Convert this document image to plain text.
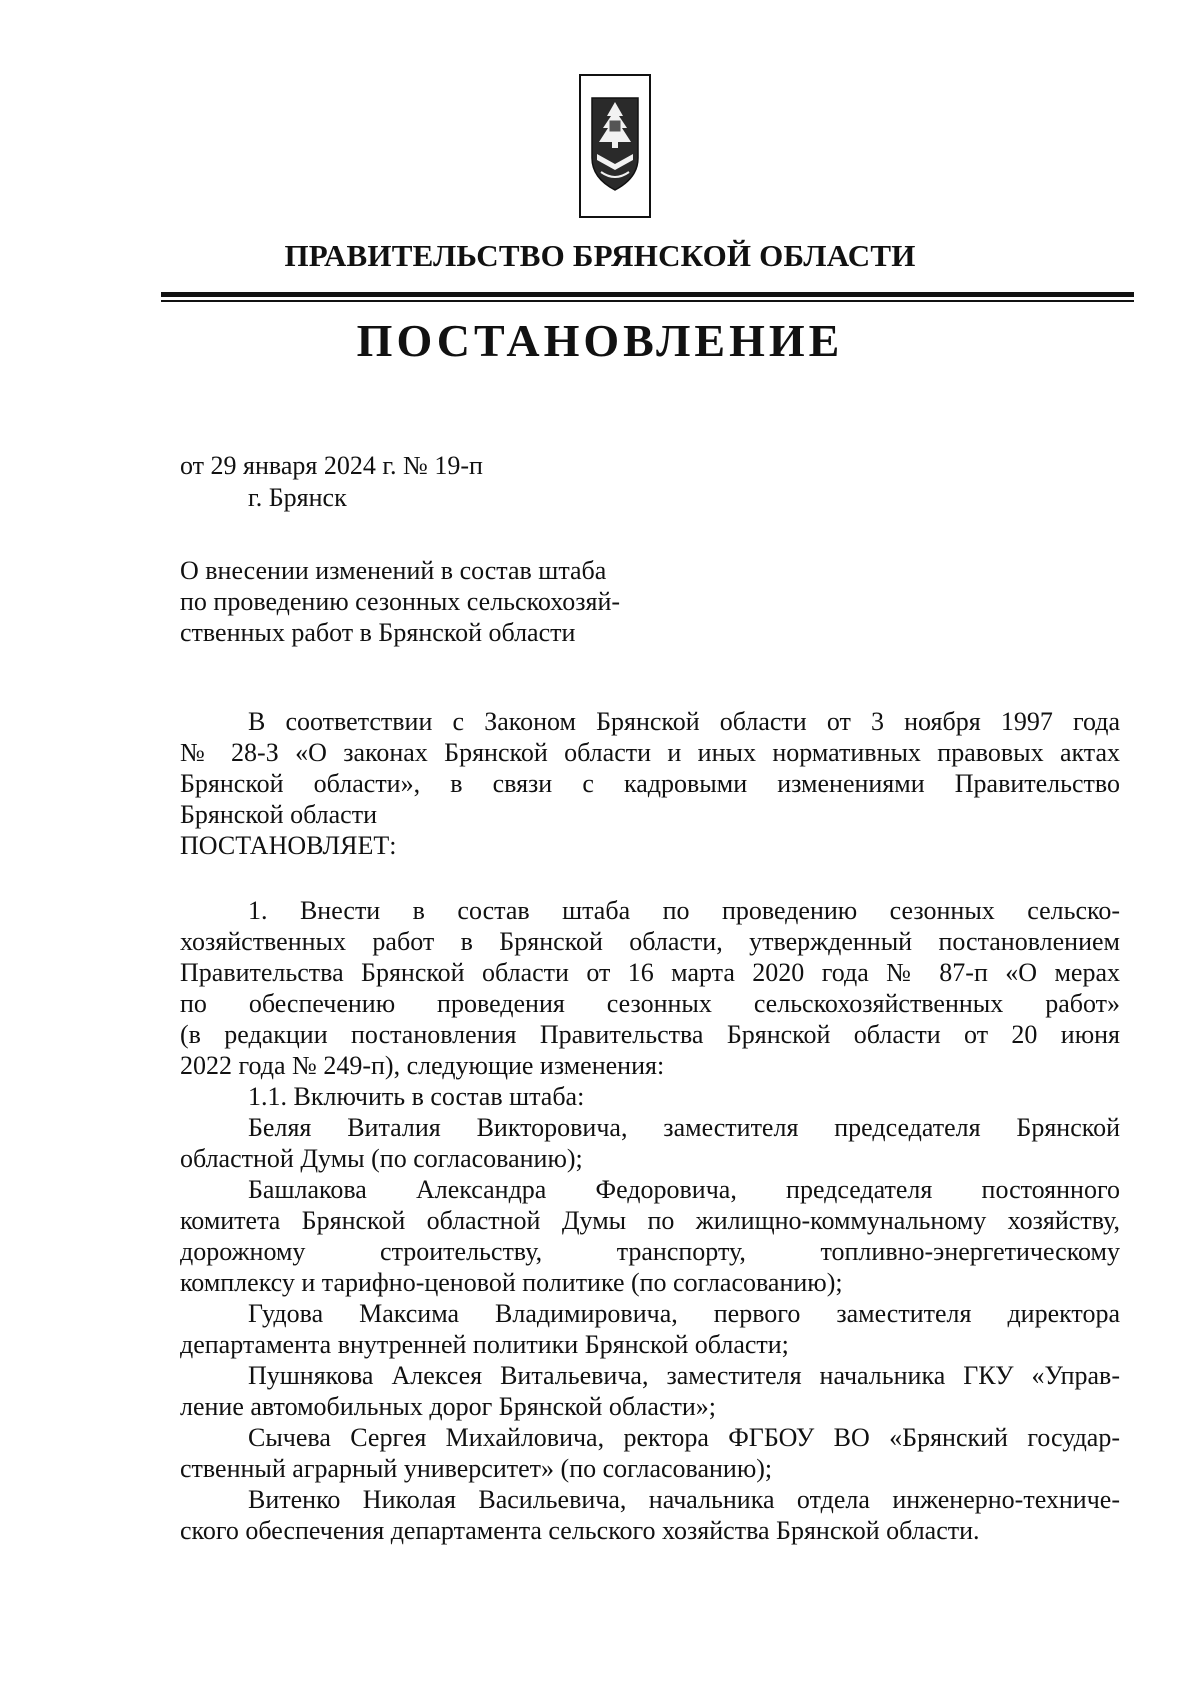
ПРАВИТЕЛЬСТВО БРЯНСКОЙ ОБЛАСТИ
ПОСТАНОВЛЕНИЕ

от 29 января 2024 г. № 19-п

г. Брянск

О внесении изменений в состав штаба

по проведению сезонных сельскохозяй-

ственных работ в Брянской области

В соответствии с Законом Брянской области от 3 ноября 1997 года

№ 28-З «О законах Брянской области и иных нормативных правовых актах

Брянской области», в связи с кадровыми изменениями Правительство

Брянской области

ПОСТАНОВЛЯЕТ:

1. Внести в состав штаба по проведению сезонных сельско-

хозяйственных работ в Брянской области, утвержденный постановлением

Правительства Брянской области от 16 марта 2020 года № 87-п «О мерах

по обеспечению проведения сезонных сельскохозяйственных работ»

(в редакции постановления Правительства Брянской области от 20 июня

2022 года № 249-п), следующие изменения:

1.1. Включить в состав штаба:

Беляя Виталия Викторовича, заместителя председателя Брянской

областной Думы (по согласованию);

Башлакова Александра Федоровича, председателя постоянного

комитета Брянской областной Думы по жилищно-коммунальному хозяйству,

дорожному строительству, транспорту, топливно-энергетическому

комплексу и тарифно-ценовой политике (по согласованию);

Гудова Максима Владимировича, первого заместителя директора

департамента внутренней политики Брянской области;

Пушнякова Алексея Витальевича, заместителя начальника ГКУ «Управ-

ление автомобильных дорог Брянской области»;

Сычева Сергея Михайловича, ректора ФГБОУ ВО «Брянский государ-

ственный аграрный университет» (по согласованию);

Витенко Николая Васильевича, начальника отдела инженерно-техниче-

ского обеспечения департамента сельского хозяйства Брянской области.
